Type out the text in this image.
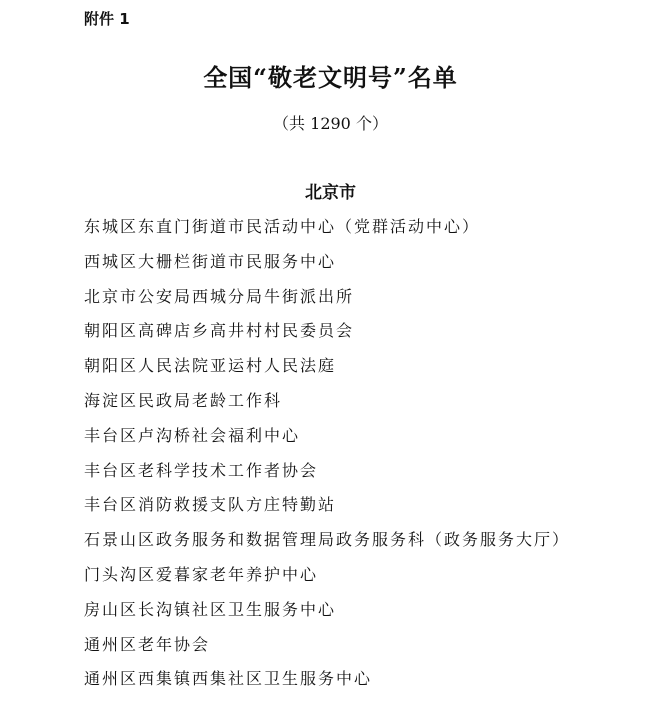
附件 1
全国“敬老文明号”名单
（共 1290 个）
北京市
东城区东直门街道市民活动中心（党群活动中心）
西城区大栅栏街道市民服务中心
北京市公安局西城分局牛街派出所
朝阳区高碑店乡高井村村民委员会
朝阳区人民法院亚运村人民法庭
海淀区民政局老龄工作科
丰台区卢沟桥社会福利中心
丰台区老科学技术工作者协会
丰台区消防救援支队方庄特勤站
石景山区政务服务和数据管理局政务服务科（政务服务大厅）
门头沟区爱暮家老年养护中心
房山区长沟镇社区卫生服务中心
通州区老年协会
通州区西集镇西集社区卫生服务中心
